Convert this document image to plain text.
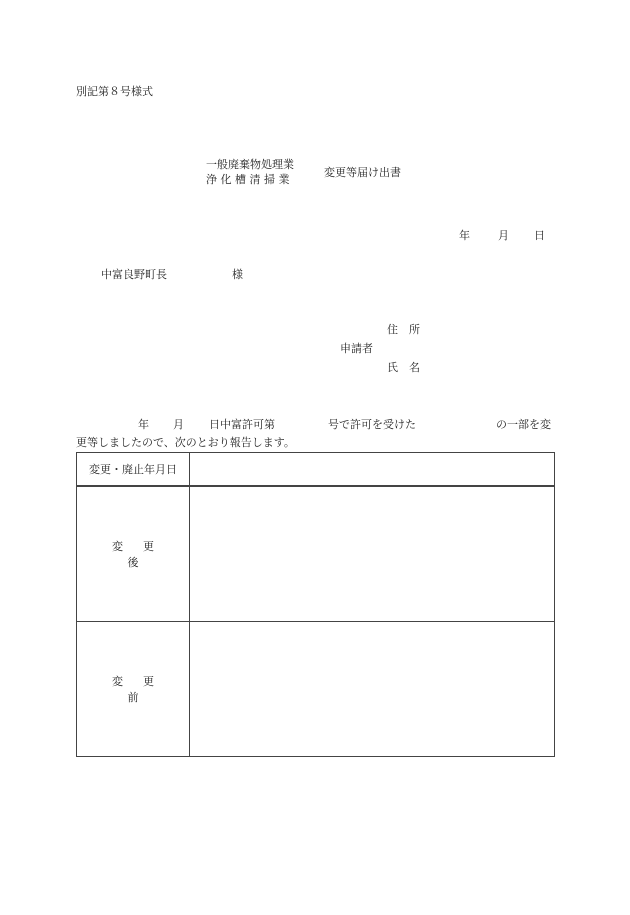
別記第８号様式
一般廃棄物処理業
浄 化 槽 清 掃 業
変更等届け出書
年	月 日
中富良野町長	様
住　所
申請者
氏　名
年 月 日中富許可第	号で許可を受けた	の一部を変
更等しましたので、次のとおり報告します。
変更・廃止年月日	
変更後	
変更前	
